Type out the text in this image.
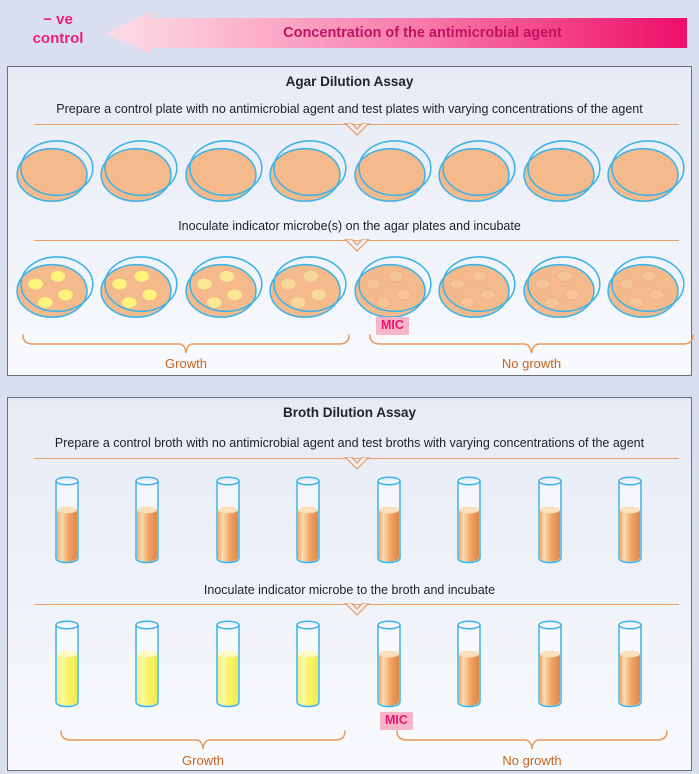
− ve
control	Concentration of the antimicrobial agent
Agar Dilution Assay
Prepare a control plate with no antimicrobial agent and test plates with varying concentrations of the agent
Inoculate indicator microbe(s) on the agar plates and incubate
MIC
Growth	No growth
Broth Dilution Assay
Prepare a control broth with no antimicrobial agent and test broths with varying concentrations of the agent
Inoculate indicator microbe to the broth and incubate
MIC
Growth	No growth
